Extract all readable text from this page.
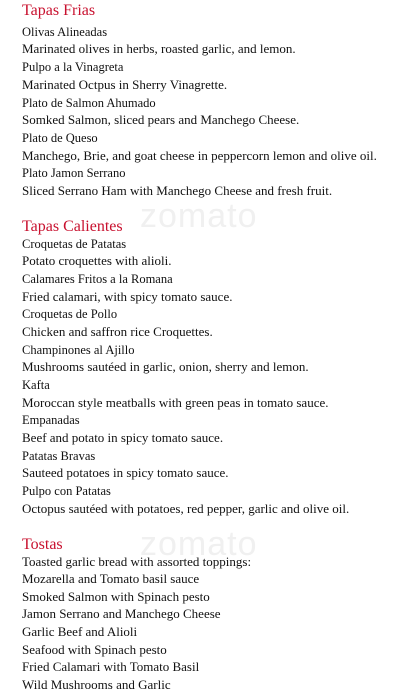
zomato
zomato
Tapas Frias

Olivas Alineadas

Marinated olives in herbs, roasted garlic, and lemon.

Pulpo a la Vinagreta

Marinated Octpus in Sherry Vinagrette.

Plato de Salmon Ahumado

Somked Salmon, sliced pears and Manchego Cheese.

Plato de Queso

Manchego, Brie, and goat cheese in peppercorn lemon and olive oil.

Plato Jamon Serrano

Sliced Serrano Ham with Manchego Cheese and fresh fruit.

Tapas Calientes

Croquetas de Patatas

Potato croquettes with alioli.

Calamares Fritos a la Romana

Fried calamari, with spicy tomato sauce.

Croquetas de Pollo

Chicken and saffron rice Croquettes.

Champinones al Ajillo

Mushrooms sautéed in garlic, onion, sherry and lemon.

Kafta

Moroccan style meatballs with green peas in tomato sauce.

Empanadas

Beef and potato in spicy tomato sauce.

Patatas Bravas

Sauteed potatoes in spicy tomato sauce.

Pulpo con Patatas

Octopus sautéed with potatoes, red pepper, garlic and olive oil.

Tostas

Toasted garlic bread with assorted toppings:

Mozarella and Tomato basil sauce

Smoked Salmon with Spinach pesto

Jamon Serrano and Manchego Cheese

Garlic Beef and Alioli

Seafood with Spinach pesto

Fried Calamari with Tomato Basil

Wild Mushrooms and Garlic
